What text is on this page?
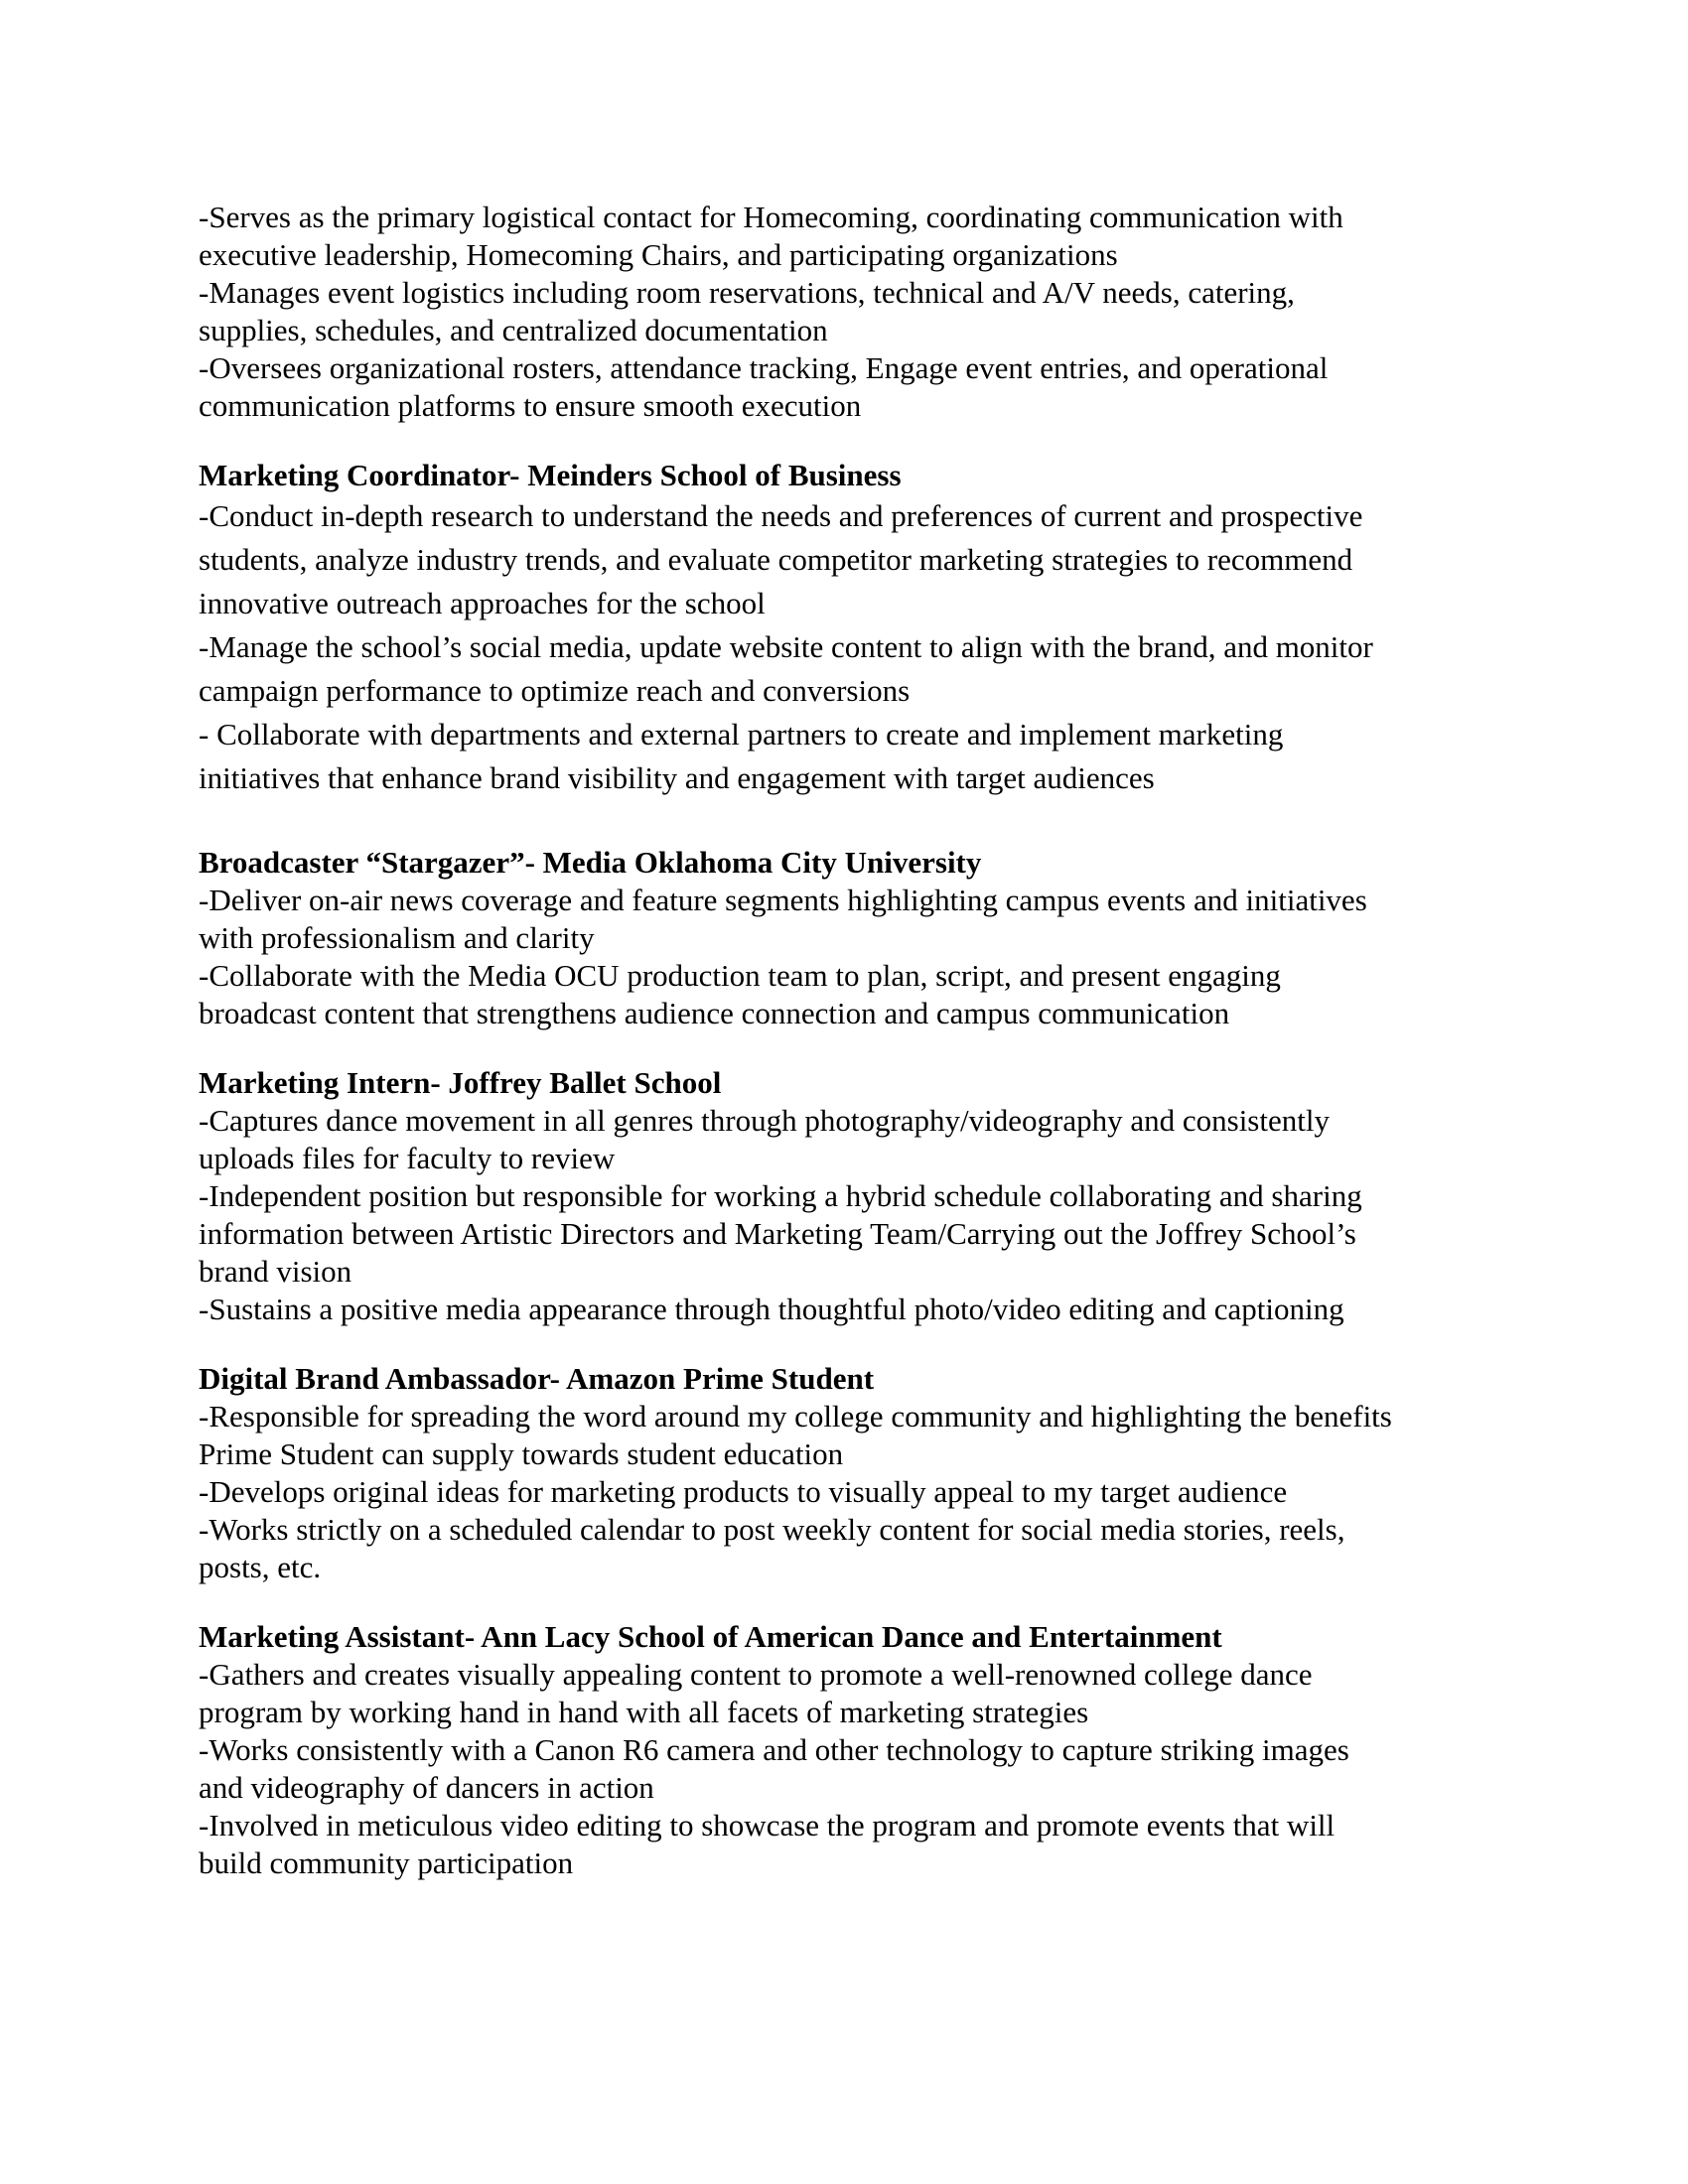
-Serves as the primary logistical contact for Homecoming, coordinating communication with
executive leadership, Homecoming Chairs, and participating organizations
-Manages event logistics including room reservations, technical and A/V needs, catering,
supplies, schedules, and centralized documentation
-Oversees organizational rosters, attendance tracking, Engage event entries, and operational
communication platforms to ensure smooth execution
Marketing Coordinator- Meinders School of Business
-Conduct in-depth research to understand the needs and preferences of current and prospective
students, analyze industry trends, and evaluate competitor marketing strategies to recommend
innovative outreach approaches for the school
-Manage the school’s social media, update website content to align with the brand, and monitor
campaign performance to optimize reach and conversions
- Collaborate with departments and external partners to create and implement marketing
initiatives that enhance brand visibility and engagement with target audiences
Broadcaster “Stargazer”- Media Oklahoma City University
-Deliver on-air news coverage and feature segments highlighting campus events and initiatives
with professionalism and clarity
-Collaborate with the Media OCU production team to plan, script, and present engaging
broadcast content that strengthens audience connection and campus communication
Marketing Intern- Joffrey Ballet School
-Captures dance movement in all genres through photography/videography and consistently
uploads files for faculty to review
-Independent position but responsible for working a hybrid schedule collaborating and sharing
information between Artistic Directors and Marketing Team/Carrying out the Joffrey School’s
brand vision
-Sustains a positive media appearance through thoughtful photo/video editing and captioning
Digital Brand Ambassador- Amazon Prime Student
-Responsible for spreading the word around my college community and highlighting the benefits
Prime Student can supply towards student education
-Develops original ideas for marketing products to visually appeal to my target audience
-Works strictly on a scheduled calendar to post weekly content for social media stories, reels,
posts, etc.
Marketing Assistant- Ann Lacy School of American Dance and Entertainment
-Gathers and creates visually appealing content to promote a well-renowned college dance
program by working hand in hand with all facets of marketing strategies
-Works consistently with a Canon R6 camera and other technology to capture striking images
and videography of dancers in action
-Involved in meticulous video editing to showcase the program and promote events that will
build community participation
